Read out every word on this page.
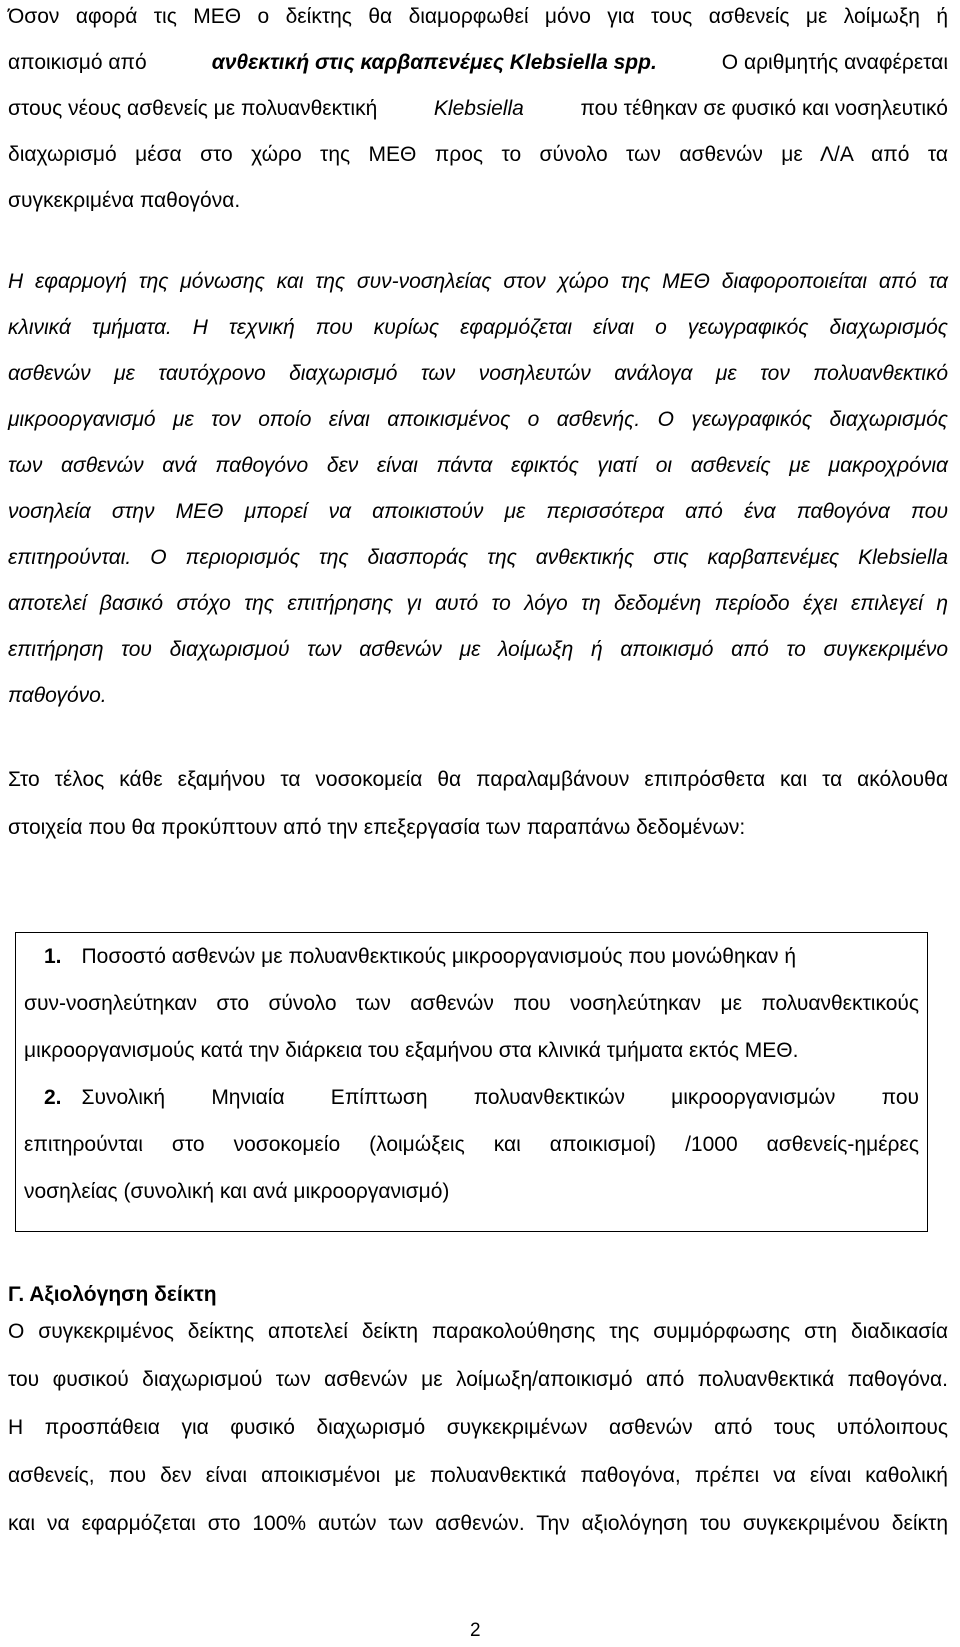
Όσον αφορά τις ΜΕΘ ο δείκτης θα διαμορφωθεί μόνο για τους ασθενείς με λοίμωξη ή
αποικισμό από	ανθεκτική στις καρβαπενέμες Klebsiella spp.	Ο αριθμητής αναφέρεται
στους νέους ασθενείς με πολυανθεκτική Klebsiella που τέθηκαν σε φυσικό και νοσηλευτικό
διαχωρισμό μέσα στο χώρο της ΜΕΘ προς το σύνολο των ασθενών με Λ/Α από τα
συγκεκριμένα παθογόνα.
Η εφαρμογή της μόνωσης και της συν-νοσηλείας στον χώρο της ΜΕΘ διαφοροποιείται από τα
κλινικά τμήματα. Η τεχνική που κυρίως εφαρμόζεται είναι ο γεωγραφικός διαχωρισμός
ασθενών με ταυτόχρονο διαχωρισμό των νοσηλευτών ανάλογα με τον πολυανθεκτικό
μικροοργανισμό με τον οποίο είναι αποικισμένος ο ασθενής. Ο γεωγραφικός διαχωρισμός
των ασθενών ανά παθογόνο δεν είναι πάντα εφικτός γιατί οι ασθενείς με μακροχρόνια
νοσηλεία στην ΜΕΘ μπορεί να αποικιστούν με περισσότερα από ένα παθογόνα που
επιτηρούνται. Ο περιορισμός της διασποράς της ανθεκτικής στις καρβαπενέμες Klebsiella
αποτελεί βασικό στόχο της επιτήρησης γι αυτό το λόγο τη δεδομένη περίοδο έχει επιλεγεί η
επιτήρηση του διαχωρισμού των ασθενών με λοίμωξη ή αποικισμό από το συγκεκριμένο
παθογόνο.
Στο τέλος κάθε εξαμήνου τα νοσοκομεία θα παραλαμβάνουν επιπρόσθετα και τα ακόλουθα
στοιχεία που θα προκύπτουν από την επεξεργασία των παραπάνω δεδομένων:
1. Ποσοστό ασθενών με πολυανθεκτικούς μικροοργανισμούς που μονώθηκαν ή
συν-νοσηλεύτηκαν στο σύνολο των ασθενών που νοσηλεύτηκαν με πολυανθεκτικούς
μικροοργανισμούς κατά την διάρκεια του εξαμήνου στα κλινικά τμήματα εκτός ΜΕΘ.
2. Συνολική Μηνιαία Επίπτωση πολυανθεκτικών μικροοργανισμών που
επιτηρούνται στο νοσοκομείο (λοιμώξεις και αποικισμοί) /1000 ασθενείς-ημέρες
νοσηλείας (συνολική και ανά μικροοργανισμό)
Γ. Αξιολόγηση δείκτη
Ο συγκεκριμένος δείκτης αποτελεί δείκτη παρακολούθησης της συμμόρφωσης στη διαδικασία
του φυσικού διαχωρισμού των ασθενών με λοίμωξη/αποικισμό από πολυανθεκτικά παθογόνα.
Η προσπάθεια για φυσικό διαχωρισμό συγκεκριμένων ασθενών από τους υπόλοιπους
ασθενείς, που δεν είναι αποικισμένοι με πολυανθεκτικά παθογόνα, πρέπει να είναι καθολική
και να εφαρμόζεται στο 100% αυτών των ασθενών. Την αξιολόγηση του συγκεκριμένου δείκτη
2
